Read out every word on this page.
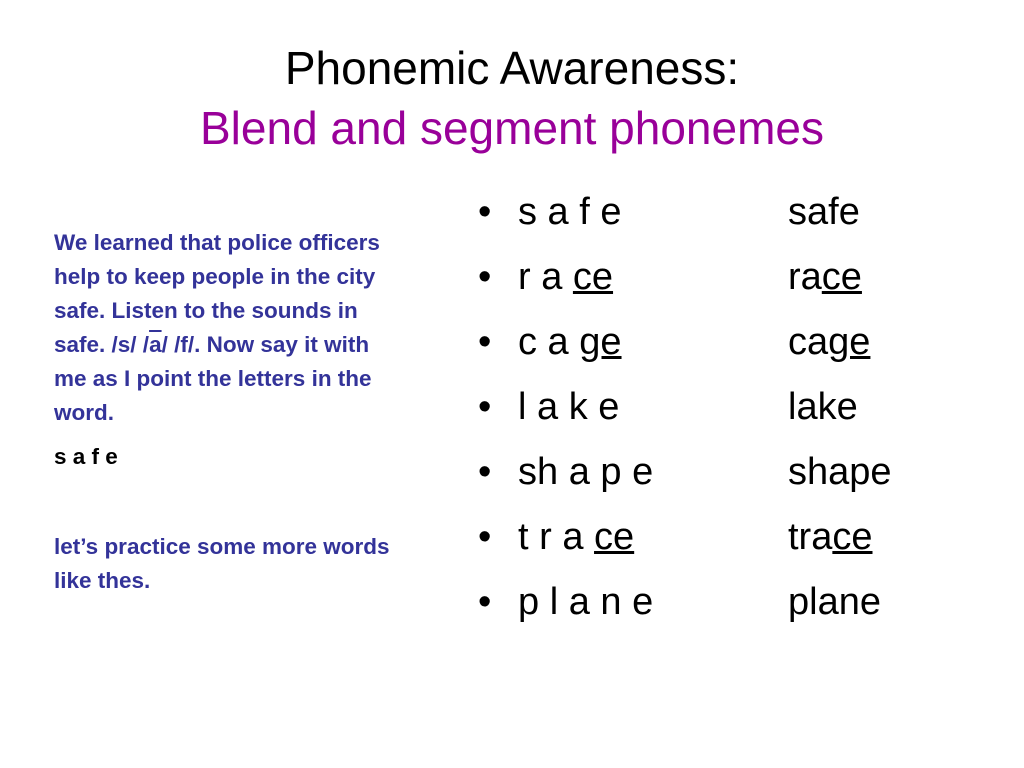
Phonemic Awareness:
Blend and segment phonemes

We learned that police officers help to keep people in the city safe. Listen to the sounds in safe. /s/ $/\overline{a}/$ /f/. Now say it with me as I point the letters in the word.

s a f e

let’s practice some more words like thes.

• s a f e	safe
• r a ce	race
• c a ge	cage
• l a k e	lake
• sh a p e	shape
• t r a ce	trace
• p l a n e	plane
